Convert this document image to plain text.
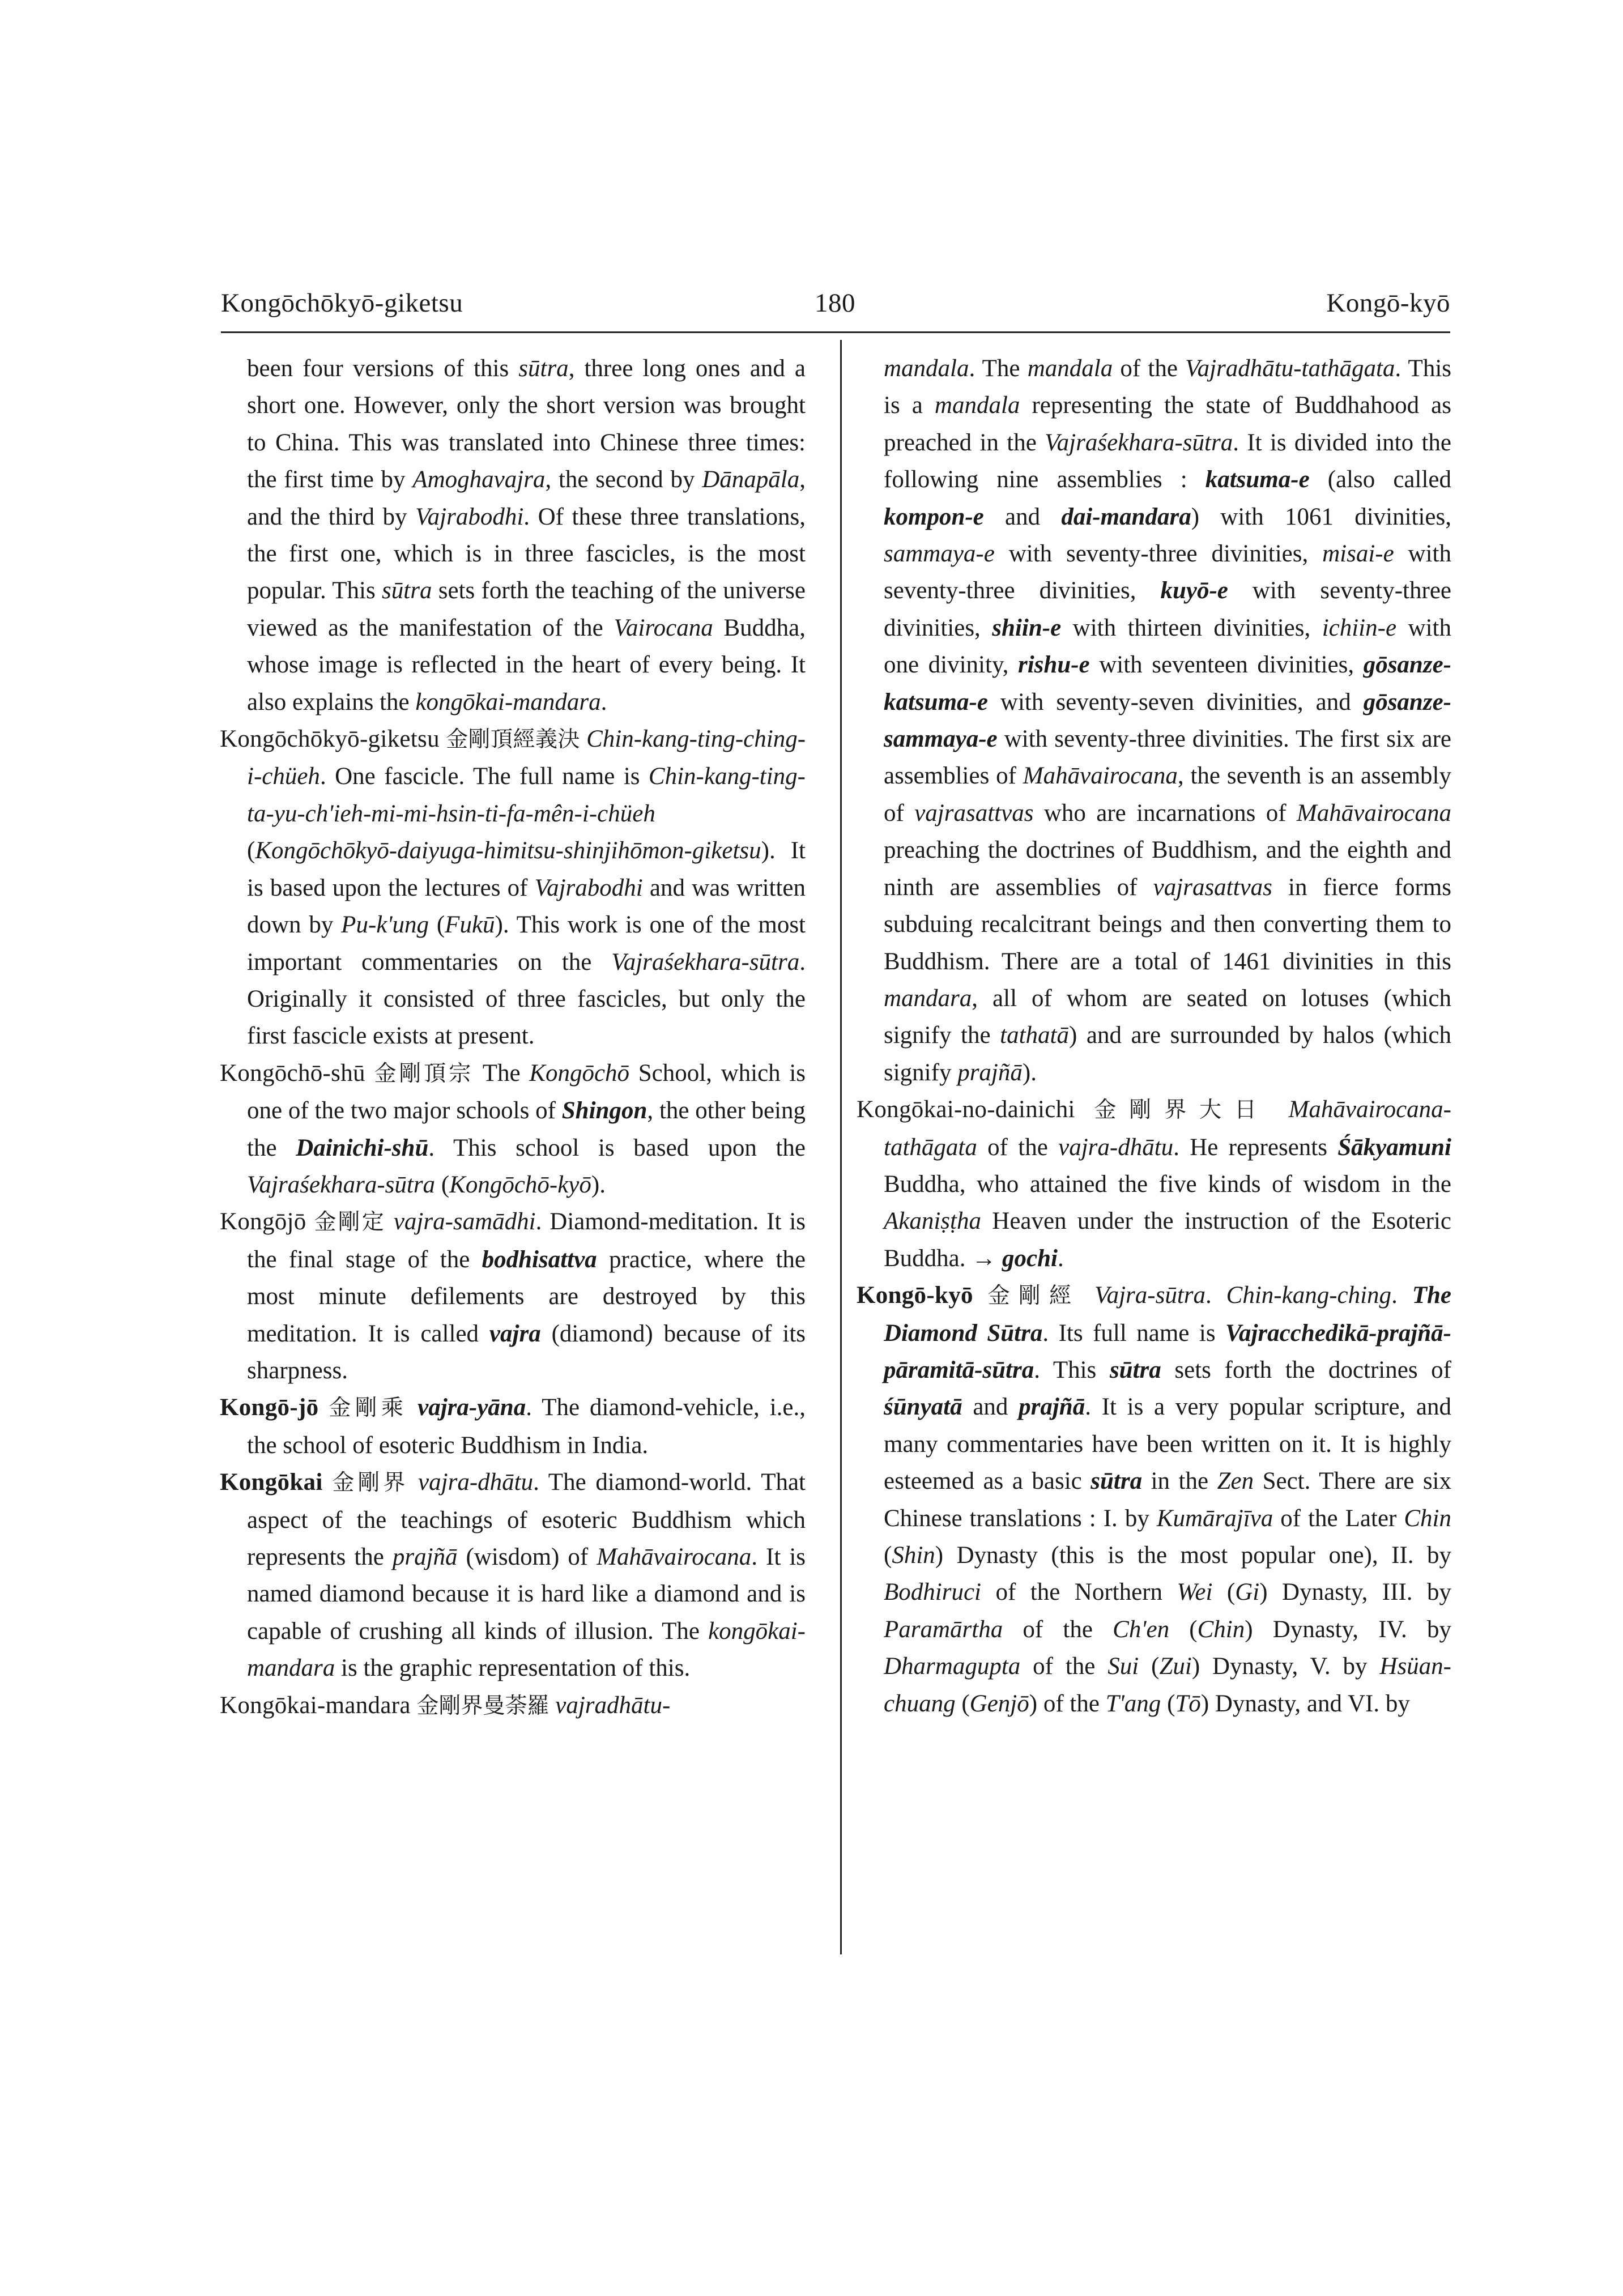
Kongōchōkyō-giketsu	180	Kongō-kyō

been four versions of this sūtra, three long ones and a short one. However, only the short version was brought to China. This was translated into Chinese three times: the first time by Amoghavajra, the second by Dānapāla, and the third by Vajrabodhi. Of these three translations, the first one, which is in three fascicles, is the most popular. This sūtra sets forth the teaching of the universe viewed as the manifestation of the Vairocana Buddha, whose image is reflected in the heart of every being. It also explains the kongōkai-mandara.

Kongōchōkyō-giketsu 金剛頂經義決 Chin-kang-ting-ching-i-chüeh. One fascicle. The full name is Chin-kang-ting-ta-yu-ch'ieh-mi-mi-hsin-ti-fa-mên-i-chüeh (Kongōchōkyō-daiyuga-himitsu-shinjihōmon-giketsu). It is based upon the lectures of Vajrabodhi and was written down by Pu-k'ung (Fukū). This work is one of the most important commentaries on the Vajraśekhara-sūtra. Originally it consisted of three fascicles, but only the first fascicle exists at present.

Kongōchō-shū 金剛頂宗 The Kongōchō School, which is one of the two major schools of Shingon, the other being the Dainichi-shū. This school is based upon the Vajraśekhara-sūtra (Kongōchō-kyō).

Kongōjō 金剛定 vajra-samādhi. Diamond-meditation. It is the final stage of the bodhisattva practice, where the most minute defilements are destroyed by this meditation. It is called vajra (diamond) because of its sharpness.

Kongō-jō 金剛乘 vajra-yāna. The diamond-vehicle, i.e., the school of esoteric Buddhism in India.

Kongōkai 金剛界 vajra-dhātu. The diamond-world. That aspect of the teachings of esoteric Buddhism which represents the prajñā (wisdom) of Mahāvairocana. It is named diamond because it is hard like a diamond and is capable of crushing all kinds of illusion. The kongōkai-mandara is the graphic representation of this.

Kongōkai-mandara 金剛界曼荼羅 vajradhātu-

mandala. The mandala of the Vajradhātu-tathāgata. This is a mandala representing the state of Buddhahood as preached in the Vajraśekhara-sūtra. It is divided into the following nine assemblies : katsuma-e (also called kompon-e and dai-mandara) with 1061 divinities, sammaya-e with seventy-three divinities, misai-e with seventy-three divinities, kuyō-e with seventy-three divinities, shiin-e with thirteen divinities, ichiin-e with one divinity, rishu-e with seventeen divinities, gōsanze-katsuma-e with seventy-seven divinities, and gōsanze-sammaya-e with seventy-three divinities. The first six are assemblies of Mahāvairocana, the seventh is an assembly of vajrasattvas who are incarnations of Mahāvairocana preaching the doctrines of Buddhism, and the eighth and ninth are assemblies of vajrasattvas in fierce forms subduing recalcitrant beings and then converting them to Buddhism. There are a total of 1461 divinities in this mandara, all of whom are seated on lotuses (which signify the tathatā) and are surrounded by halos (which signify prajñā).

Kongōkai-no-dainichi 金剛界大日 Mahāvairocana-tathāgata of the vajra-dhātu. He represents Śākyamuni Buddha, who attained the five kinds of wisdom in the Akaniṣṭha Heaven under the instruction of the Esoteric Buddha. → gochi.

Kongō-kyō 金剛經 Vajra-sūtra. Chin-kang-ching. The Diamond Sūtra. Its full name is Vajracchedikā-prajñā-pāramitā-sūtra. This sūtra sets forth the doctrines of śūnyatā and prajñā. It is a very popular scripture, and many commentaries have been written on it. It is highly esteemed as a basic sūtra in the Zen Sect. There are six Chinese translations : I. by Kumārajīva of the Later Chin (Shin) Dynasty (this is the most popular one), II. by Bodhiruci of the Northern Wei (Gi) Dynasty, III. by Paramārtha of the Ch'en (Chin) Dynasty, IV. by Dharmagupta of the Sui (Zui) Dynasty, V. by Hsüan-chuang (Genjō) of the T'ang (Tō) Dynasty, and VI. by
